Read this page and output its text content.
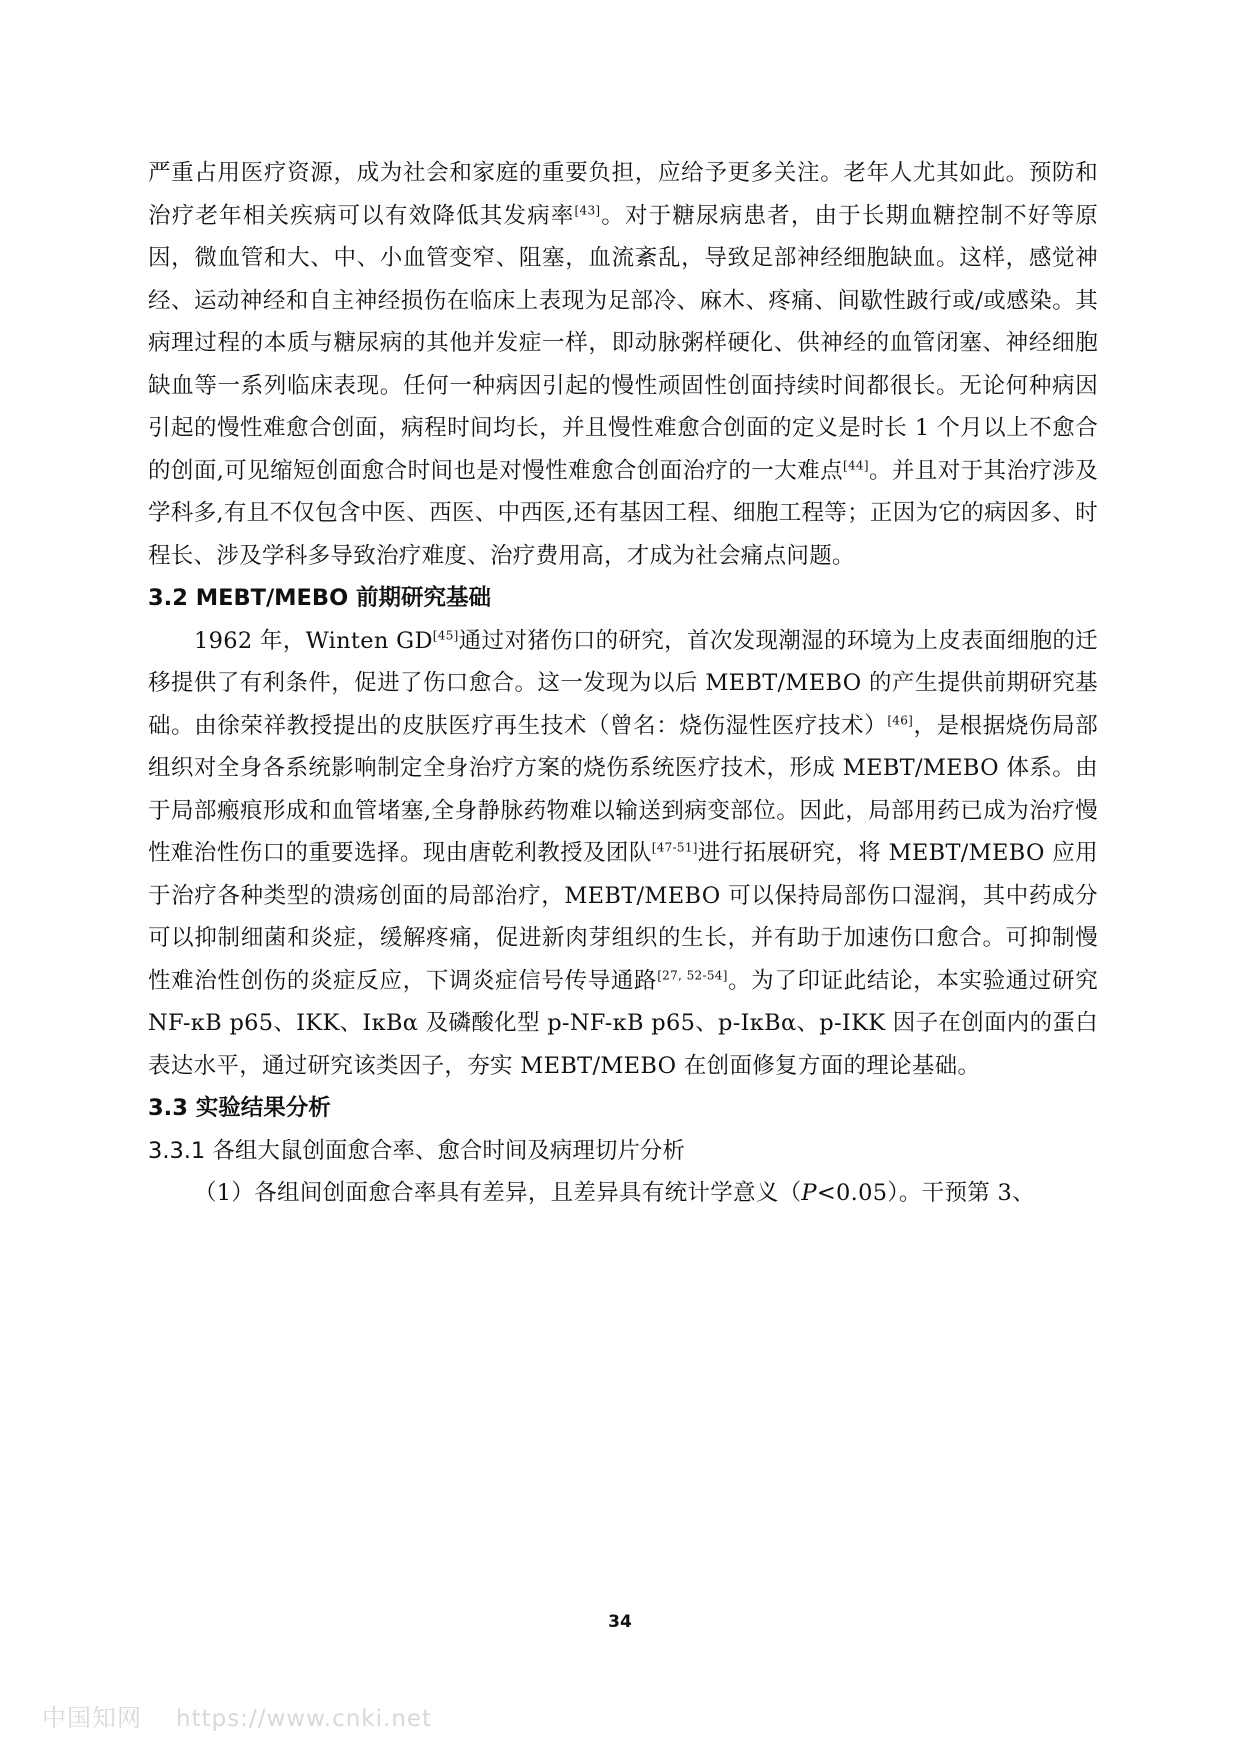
严重占用医疗资源，成为社会和家庭的重要负担，应给予更多关注。老年人尤其如此。预防和治疗老年相关疾病可以有效降低其发病率[43]。对于糖尿病患者，由于长期血糖控制不好等原因，微血管和大、中、小血管变窄、阻塞，血流紊乱，导致足部神经细胞缺血。这样，感觉神经、运动神经和自主神经损伤在临床上表现为足部冷、麻木、疼痛、间歇性跛行或/或感染。其病理过程的本质与糖尿病的其他并发症一样，即动脉粥样硬化、供神经的血管闭塞、神经细胞缺血等一系列临床表现。任何一种病因引起的慢性顽固性创面持续时间都很长。无论何种病因引起的慢性难愈合创面，病程时间均长，并且慢性难愈合创面的定义是时长 1 个月以上不愈合的创面,可见缩短创面愈合时间也是对慢性难愈合创面治疗的一大难点[44]。并且对于其治疗涉及学科多,有且不仅包含中医、西医、中西医,还有基因工程、细胞工程等；正因为它的病因多、时程长、涉及学科多导致治疗难度、治疗费用高，才成为社会痛点问题。

3.2 MEBT/MEBO 前期研究基础

1962 年，Winten GD[45]通过对猪伤口的研究，首次发现潮湿的环境为上皮表面细胞的迁移提供了有利条件，促进了伤口愈合。这一发现为以后 MEBT/MEBO 的产生提供前期研究基础。由徐荣祥教授提出的皮肤医疗再生技术（曾名：烧伤湿性医疗技术）[46]，是根据烧伤局部组织对全身各系统影响制定全身治疗方案的烧伤系统医疗技术，形成 MEBT/MEBO 体系。由于局部瘢痕形成和血管堵塞,全身静脉药物难以输送到病变部位。因此，局部用药已成为治疗慢性难治性伤口的重要选择。现由唐乾利教授及团队[47-51]进行拓展研究，将 MEBT/MEBO 应用于治疗各种类型的溃疡创面的局部治疗，MEBT/MEBO 可以保持局部伤口湿润，其中药成分可以抑制细菌和炎症，缓解疼痛，促进新肉芽组织的生长，并有助于加速伤口愈合。可抑制慢性难治性创伤的炎症反应，下调炎症信号传导通路[27, 52-54]。为了印证此结论，本实验通过研究 NF-κB p65、IKK、IκBα 及磷酸化型 p-NF-κB p65、p-IκBα、p-IKK 因子在创面内的蛋白表达水平，通过研究该类因子，夯实 MEBT/MEBO 在创面修复方面的理论基础。

3.3 实验结果分析

3.3.1 各组大鼠创面愈合率、愈合时间及病理切片分析

（1）各组间创面愈合率具有差异，且差异具有统计学意义（P<0.05）。干预第 3、

34
中国知网 https://www.cnki.net
